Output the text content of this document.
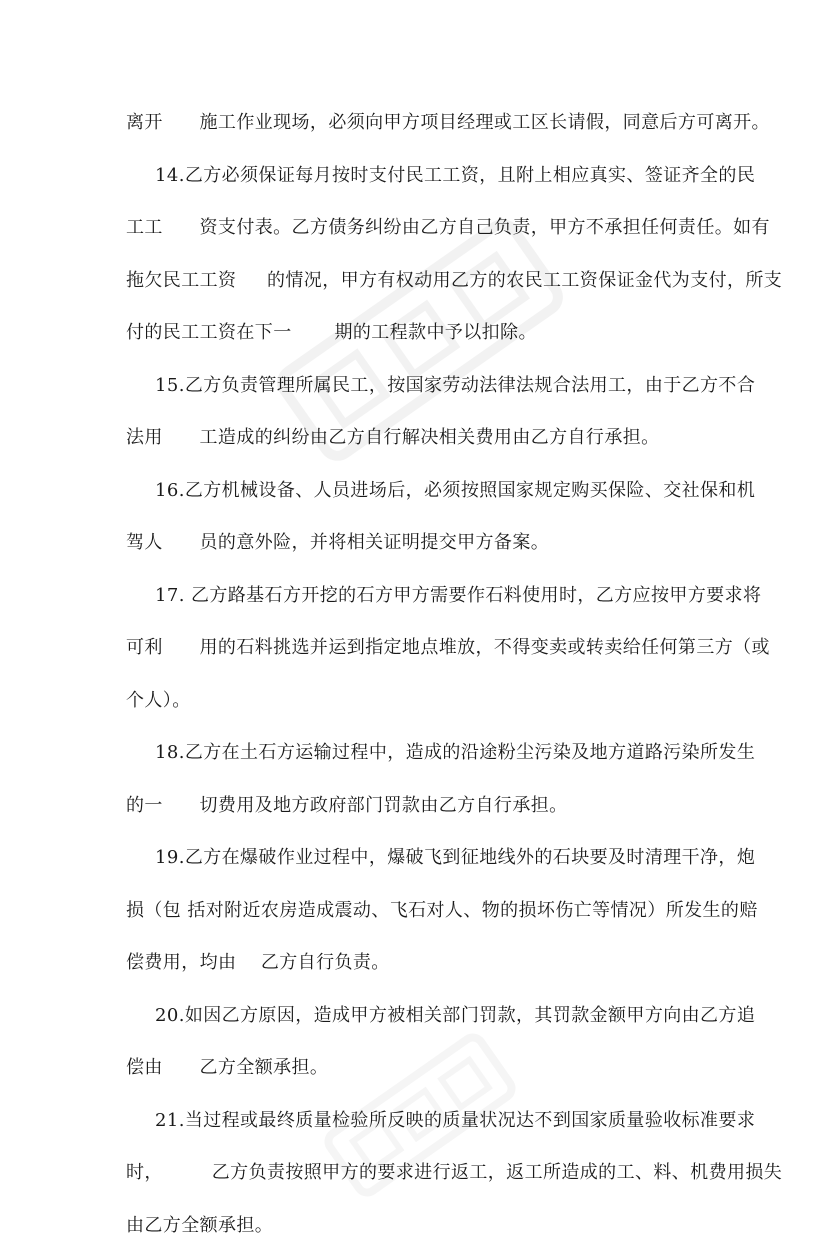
离开      施工作业现场，必须向甲方项目经理或工区长请假，同意后方可离开。
14.乙方必须保证每月按时支付民工工资，且附上相应真实、签证齐全的民
工工      资支付表。乙方债务纠纷由乙方自己负责，甲方不承担任何责任。如有
拖欠民工工资     的情况，甲方有权动用乙方的农民工工资保证金代为支付，所支
付的民工工资在下一       期的工程款中予以扣除。
15.乙方负责管理所属民工，按国家劳动法律法规合法用工，由于乙方不合
法用      工造成的纠纷由乙方自行解决相关费用由乙方自行承担。
16.乙方机械设备、人员进场后，必须按照国家规定购买保险、交社保和机
驾人      员的意外险，并将相关证明提交甲方备案。
17. 乙方路基石方开挖的石方甲方需要作石料使用时，乙方应按甲方要求将
可利      用的石料挑选并运到指定地点堆放，不得变卖或转卖给任何第三方（或
个人）。
18.乙方在土石方运输过程中，造成的沿途粉尘污染及地方道路污染所发生
的一      切费用及地方政府部门罚款由乙方自行承担。
19.乙方在爆破作业过程中，爆破飞到征地线外的石块要及时清理干净，炮
损（包 括对附近农房造成震动、飞石对人、物的损坏伤亡等情况）所发生的赔
偿费用，均由    乙方自行负责。
20.如因乙方原因，造成甲方被相关部门罚款，其罚款金额甲方向由乙方追
偿由      乙方全额承担。
21.当过程或最终质量检验所反映的质量状况达不到国家质量验收标准要求
时，        乙方负责按照甲方的要求进行返工，返工所造成的工、料、机费用损失
由乙方全额承担。
